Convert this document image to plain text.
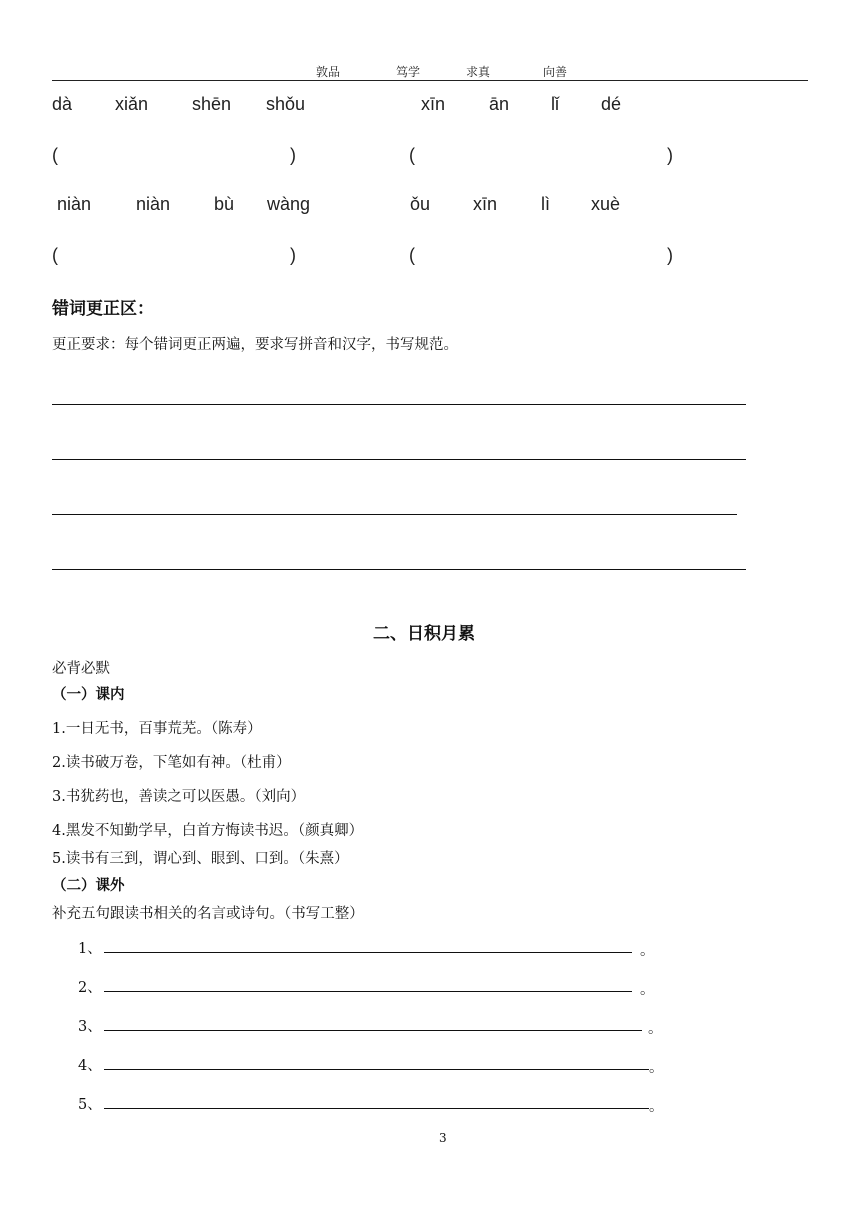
敦品	笃学	求真	向善
dà xiǎn shēn shǒu	xīn ān lǐ dé
(	)	(	)
niàn niàn bù wàng	ǒu xīn lì xuè
(	)	(	)
错词更正区：
更正要求：每个错词更正两遍，要求写拼音和汉字，书写规范。
二、日积月累
必背必默
（一）课内
1.一日无书，百事荒芜。（陈寿）
2.读书破万卷，下笔如有神。（杜甫）
3.书犹药也，善读之可以医愚。（刘向）
4.黑发不知勤学早，白首方悔读书迟。（颜真卿）
5.读书有三到，谓心到、眼到、口到。（朱熹）
（二）课外
补充五句跟读书相关的名言或诗句。（书写工整）
1、	。
2、	。
3、	。
4、	。
5、	。
3
